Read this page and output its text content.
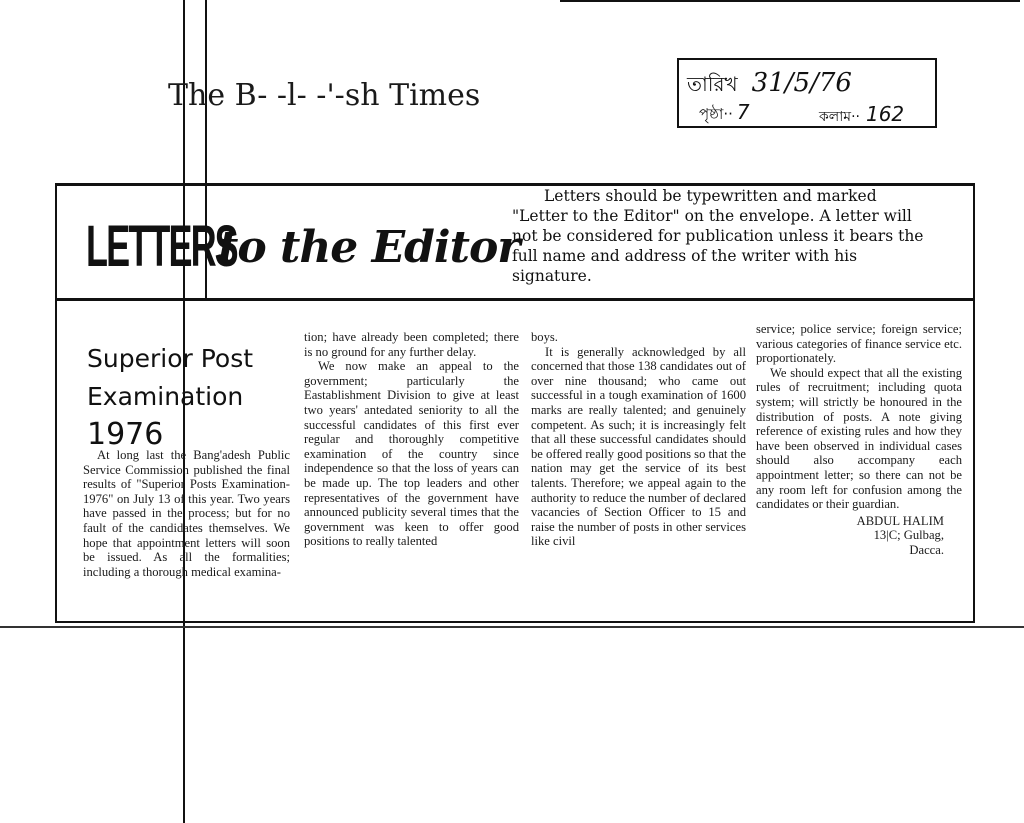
The B- -l- -'-sh Times	তারিখ 31/5/76
পৃষ্ঠা·· 7	কলাম·· 162
LETTERS
to the Editor
Letters should be typewritten and marked "Letter to the Editor" on the envelope. A letter will not be considered for publication unless it bears the full name and address of the writer with his signature.
Superior Post
Examination
1976

At long last the Bang'adesh Public Service Commission published the final results of "Superior Posts Examination-1976" on July 13 of this year. Two years have passed in the process; but for no fault of the candidates themselves. We hope that appointment letters will soon be issued. As all the formalities; including a thorough medical examina-

tion; have already been completed; there is no ground for any further delay.

We now make an appeal to the government; particularly the Eastablishment Division to give at least two years' antedated seniority to all the successful candidates of this first ever regular and thoroughly competitive examination of the country since independence so that the loss of years can be made up. The top leaders and other representatives of the government have announced publicity several times that the government was keen to offer good positions to really talented

boys.

It is generally acknowledged by all concerned that those 138 candidates out of over nine thousand; who came out successful in a tough examination of 1600 marks are really talented; and genuinely competent. As such; it is increasingly felt that all these successful candidates should be offered really good positions so that the nation may get the service of its best talents. Therefore; we appeal again to the authority to reduce the number of declared vacancies of Section Officer to 15 and raise the number of posts in other services like civil

service; police service; foreign service; various categories of finance service etc. proportionately.

We should expect that all the existing rules of recruitment; including quota system; will strictly be honoured in the distribution of posts. A note giving reference of existing rules and how they have been observed in individual cases should also accompany each appointment letter; so there can not be any room left for confusion among the candidates or their guardian.

ABDUL HALIM
13|C; Gulbag,
Dacca.
